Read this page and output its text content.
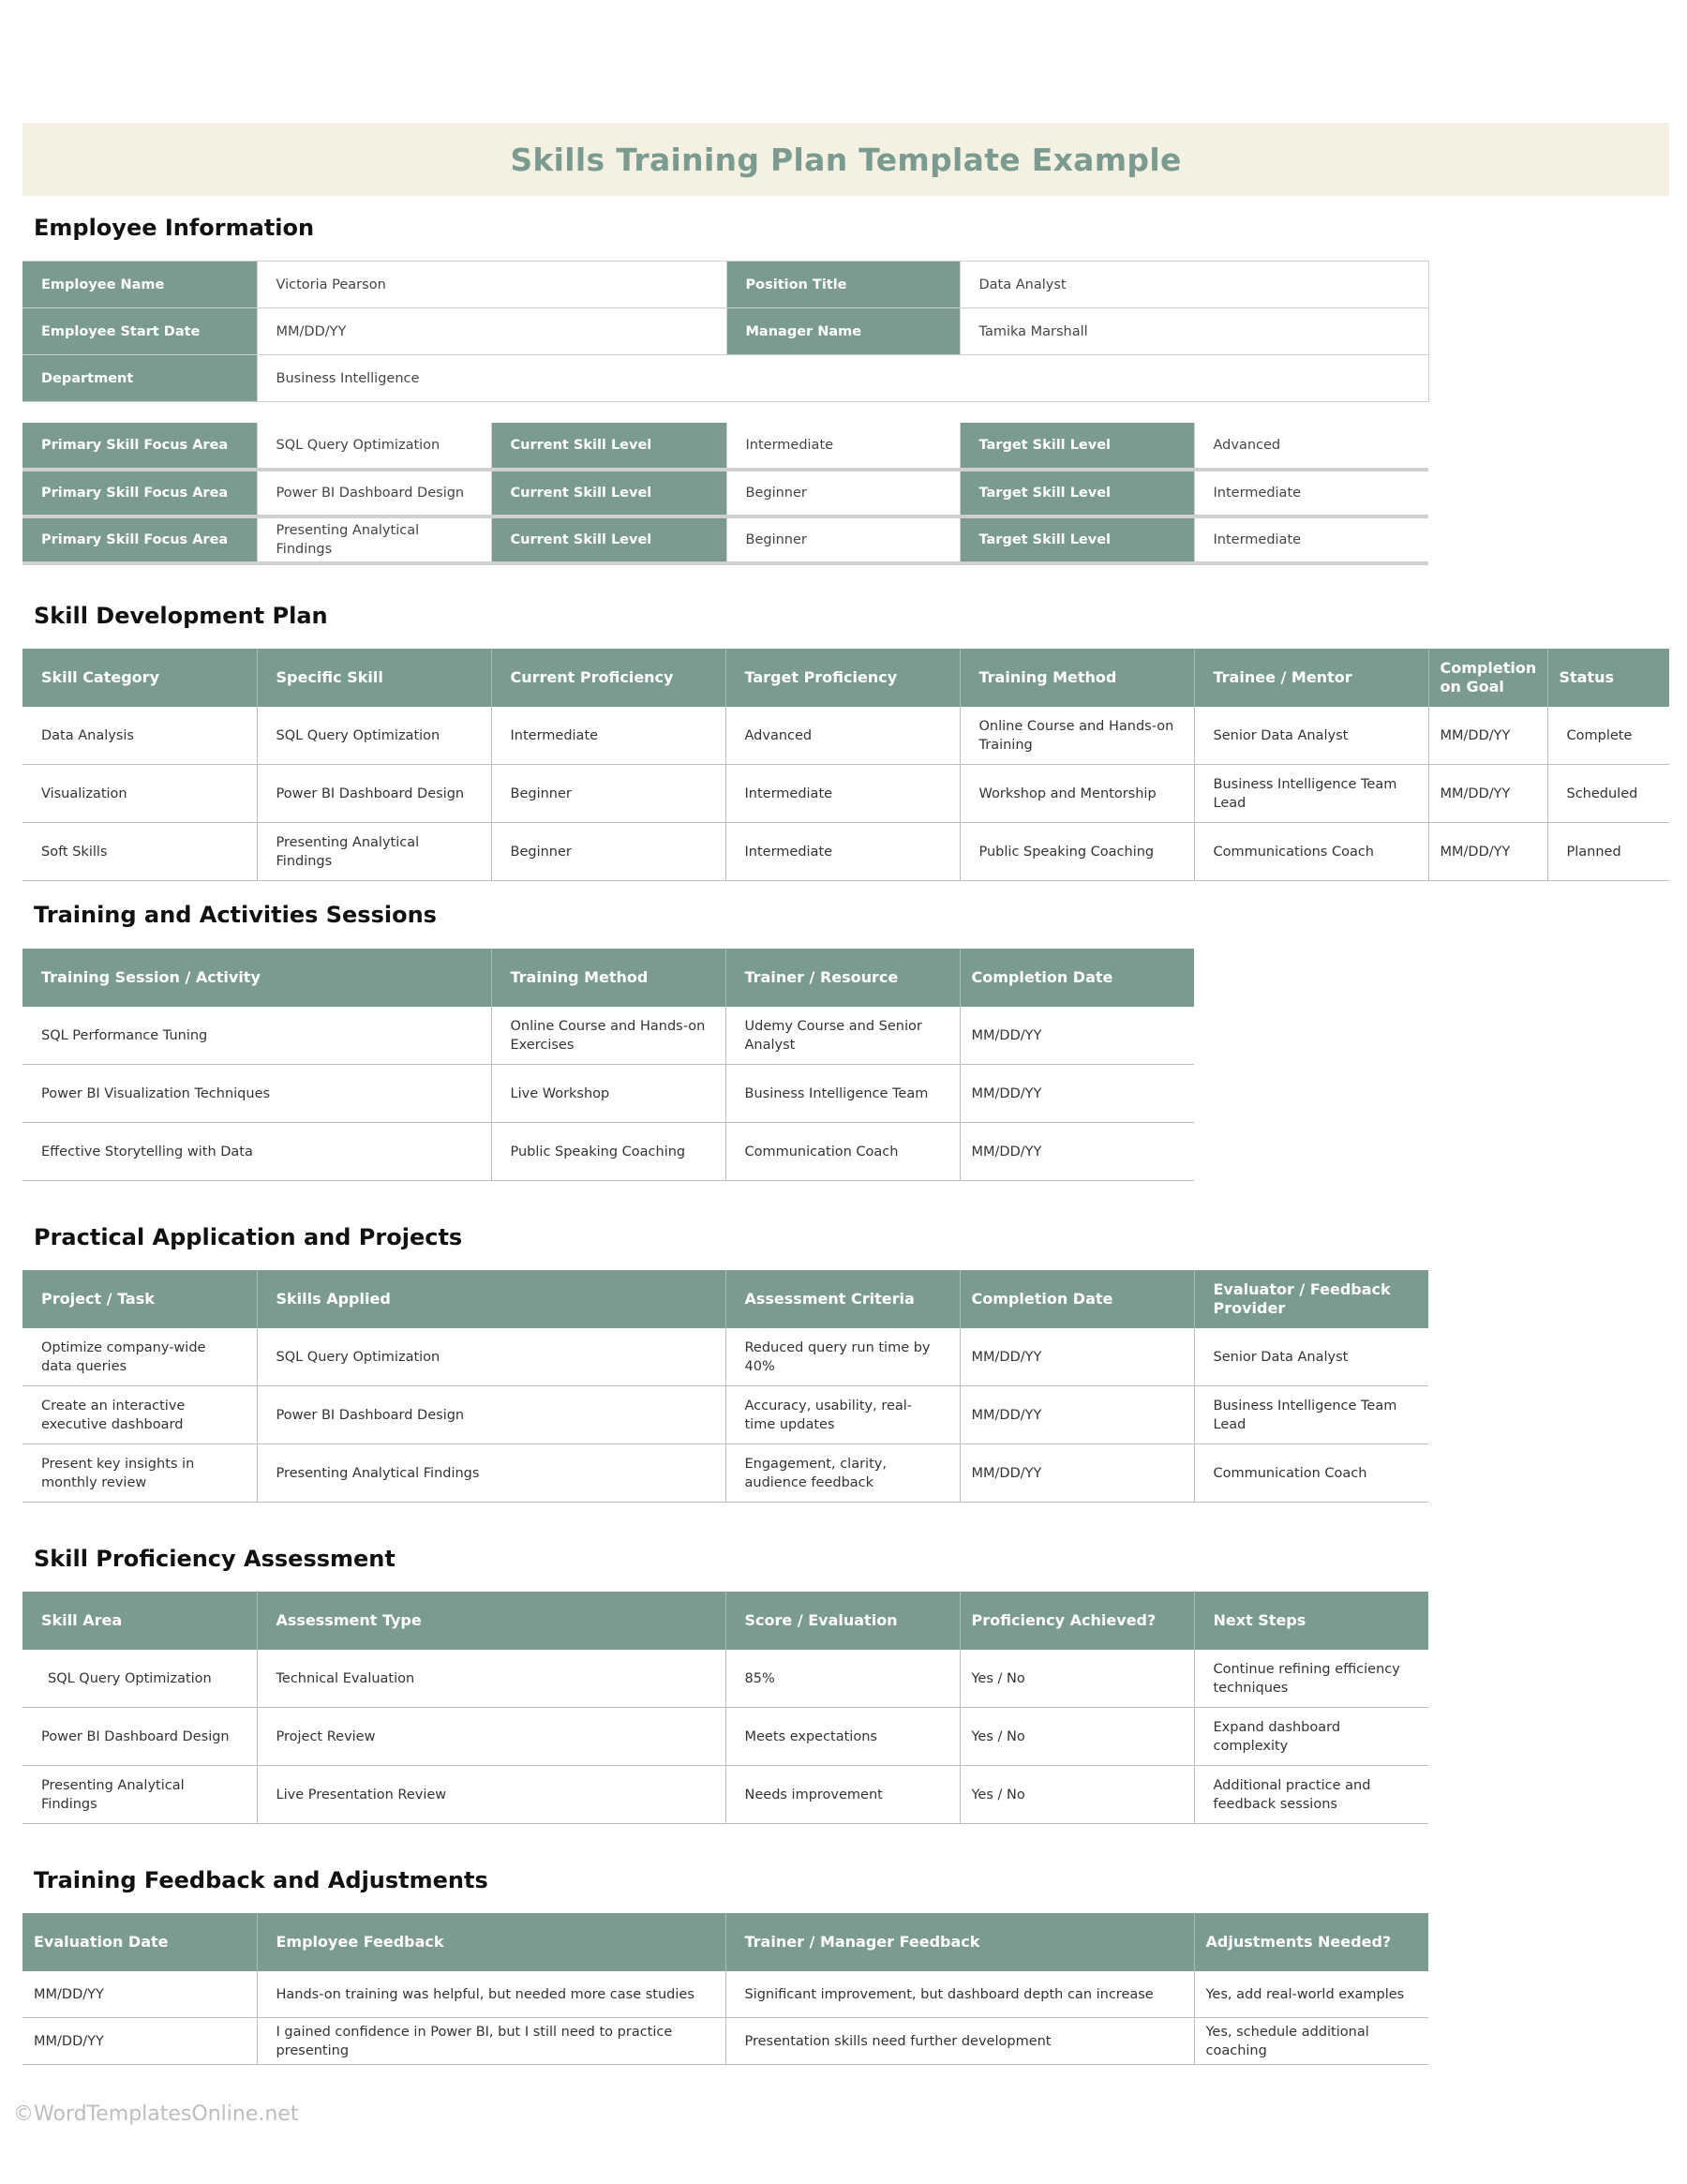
Skills Training Plan Template Example
Employee Information
Employee Name	Victoria Pearson	Position Title	Data Analyst
Employee Start Date	MM/DD/YY	Manager Name	Tamika Marshall
Department	Business Intelligence		
Primary Skill Focus Area	SQL Query Optimization	Current Skill Level	Intermediate	Target Skill Level	Advanced
Primary Skill Focus Area	Power BI Dashboard Design	Current Skill Level	Beginner	Target Skill Level	Intermediate
Primary Skill Focus Area	Presenting Analytical Findings	Current Skill Level	Beginner	Target Skill Level	Intermediate
Skill Development Plan
Skill Category	Specific Skill	Current Proficiency	Target Proficiency	Training Method	Trainee / Mentor	Completion on Goal	Status
Data Analysis	SQL Query Optimization	Intermediate	Advanced	Online Course and Hands-on Training	Senior Data Analyst	MM/DD/YY	Complete
Visualization	Power BI Dashboard Design	Beginner	Intermediate	Workshop and Mentorship	Business Intelligence Team Lead	MM/DD/YY	Scheduled
Soft Skills	Presenting Analytical Findings	Beginner	Intermediate	Public Speaking Coaching	Communications Coach	MM/DD/YY	Planned
Training and Activities Sessions
Training Session / Activity	Training Method	Trainer / Resource	Completion Date
SQL Performance Tuning	Online Course and Hands-on Exercises	Udemy Course and Senior Analyst	MM/DD/YY
Power BI Visualization Techniques	Live Workshop	Business Intelligence Team	MM/DD/YY
Effective Storytelling with Data	Public Speaking Coaching	Communication Coach	MM/DD/YY
Practical Application and Projects
Project / Task	Skills Applied	Assessment Criteria	Completion Date	Evaluator / Feedback Provider
Optimize company-wide data queries	SQL Query Optimization	Reduced query run time by 40%	MM/DD/YY	Senior Data Analyst
Create an interactive executive dashboard	Power BI Dashboard Design	Accuracy, usability, real-time updates	MM/DD/YY	Business Intelligence Team Lead
Present key insights in monthly review	Presenting Analytical Findings	Engagement, clarity, audience feedback	MM/DD/YY	Communication Coach
Skill Proficiency Assessment
Skill Area	Assessment Type	Score / Evaluation	Proficiency Achieved?	Next Steps
SQL Query Optimization	Technical Evaluation	85%	Yes / No	Continue refining efficiency techniques
Power BI Dashboard Design	Project Review	Meets expectations	Yes / No	Expand dashboard complexity
Presenting Analytical Findings	Live Presentation Review	Needs improvement	Yes / No	Additional practice and feedback sessions
Training Feedback and Adjustments
Evaluation Date	Employee Feedback	Trainer / Manager Feedback	Adjustments Needed?
MM/DD/YY	Hands-on training was helpful, but needed more case studies	Significant improvement, but dashboard depth can increase	Yes, add real-world examples
MM/DD/YY	I gained confidence in Power BI, but I still need to practice presenting	Presentation skills need further development	Yes, schedule additional coaching
©WordTemplatesOnline.net
